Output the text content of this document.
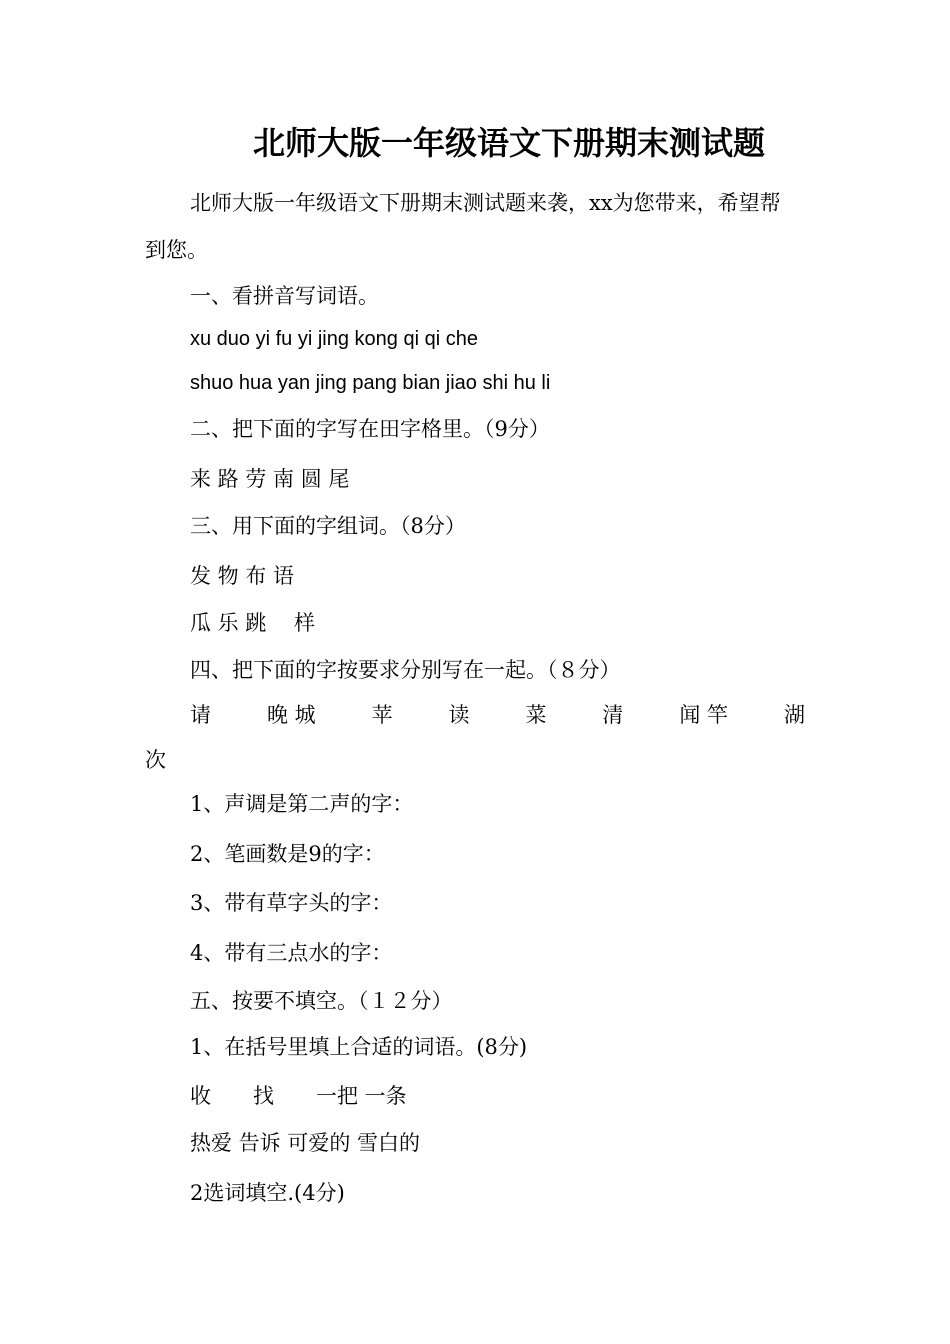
北师大版一年级语文下册期末测试题
北师大版一年级语文下册期末测试题来袭，xx为您带来，希望帮
到您。
一、看拼音写词语。
xu duo yi fu yi jing kong qi qi che
shuo hua yan jing pang bian jiao shi hu li
二、把下面的字写在田字格里。（9分）
来 路 劳 南 圆 尾
三、用下面的字组词。（8分）
发 物 布 语
瓜 乐 跳　 样
四、把下面的字按要求分别写在一起。（８分）
请	晚 城	苹	读	菜	清	闻 竿	湖
次
1、声调是第二声的字：
2、笔画数是9的字：
3、带有草字头的字：
4、带有三点水的字：
五、按要不填空。（１２分）
1、在括号里填上合适的词语。(8分)
收　　找　　一把 一条
热爱 告诉 可爱的 雪白的
2选词填空.(4分)
